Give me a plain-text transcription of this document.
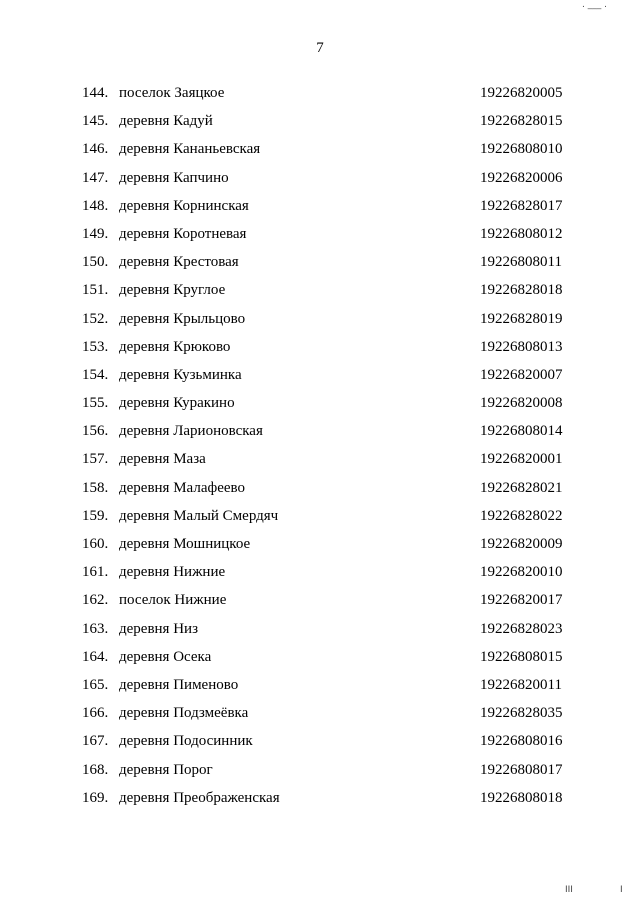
. ___ .
7
144. поселок Заяцкое	19226820005
145. деревня Кадуй	19226828015
146. деревня Кананьевская	19226808010
147. деревня Капчино	19226820006
148. деревня Корнинская	19226828017
149. деревня Коротневая	19226808012
150. деревня Крестовая	19226808011
151. деревня Круглое	19226828018
152. деревня Крыльцово	19226828019
153. деревня Крюково	19226808013
154. деревня Кузьминка	19226820007
155. деревня Куракино	19226820008
156. деревня Ларионовская	19226808014
157. деревня Маза	19226820001
158. деревня Малафеево	19226828021
159. деревня Малый Смердяч	19226828022
160. деревня Мошницкое	19226820009
161. деревня Нижние	19226820010
162. поселок Нижние	19226820017
163. деревня Низ	19226828023
164. деревня Осека	19226808015
165. деревня Пименово	19226820011
166. деревня Подзмеёвка	19226828035
167. деревня Подосинник	19226808016
168. деревня Порог	19226808017
169. деревня Преображенская	19226808018
III	I
